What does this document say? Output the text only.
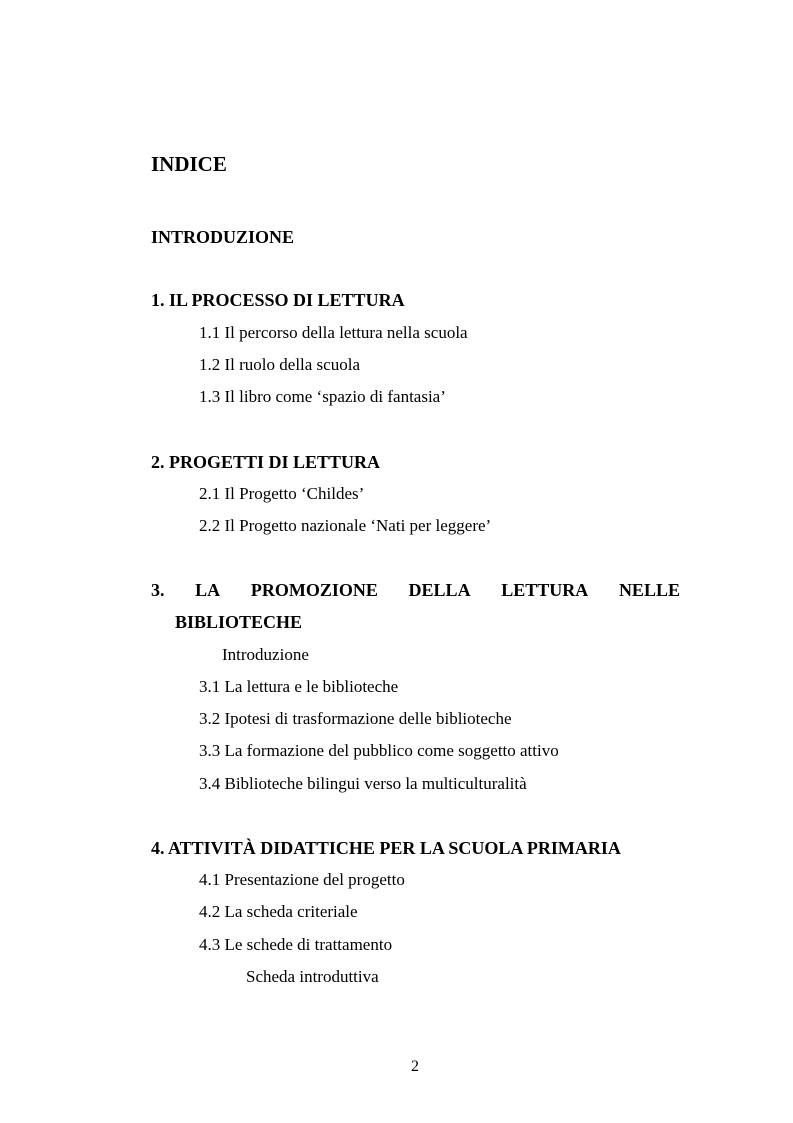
INDICE
INTRODUZIONE
1. IL PROCESSO DI LETTURA
1.1 Il percorso della lettura nella scuola
1.2 Il ruolo della scuola
1.3 Il libro come ‘spazio di fantasia’
2. PROGETTI DI LETTURA
2.1 Il Progetto ‘Childes’
2.2 Il Progetto nazionale ‘Nati per leggere’
3. LA PROMOZIONE DELLA LETTURA NELLE
BIBLIOTECHE
Introduzione
3.1 La lettura e le biblioteche
3.2 Ipotesi di trasformazione delle biblioteche
3.3 La formazione del pubblico come soggetto attivo
3.4 Biblioteche bilingui verso la multiculturalità
4. ATTIVITÀ DIDATTICHE PER LA SCUOLA PRIMARIA
4.1 Presentazione del progetto
4.2 La scheda criteriale
4.3 Le schede di trattamento
Scheda introduttiva
2
